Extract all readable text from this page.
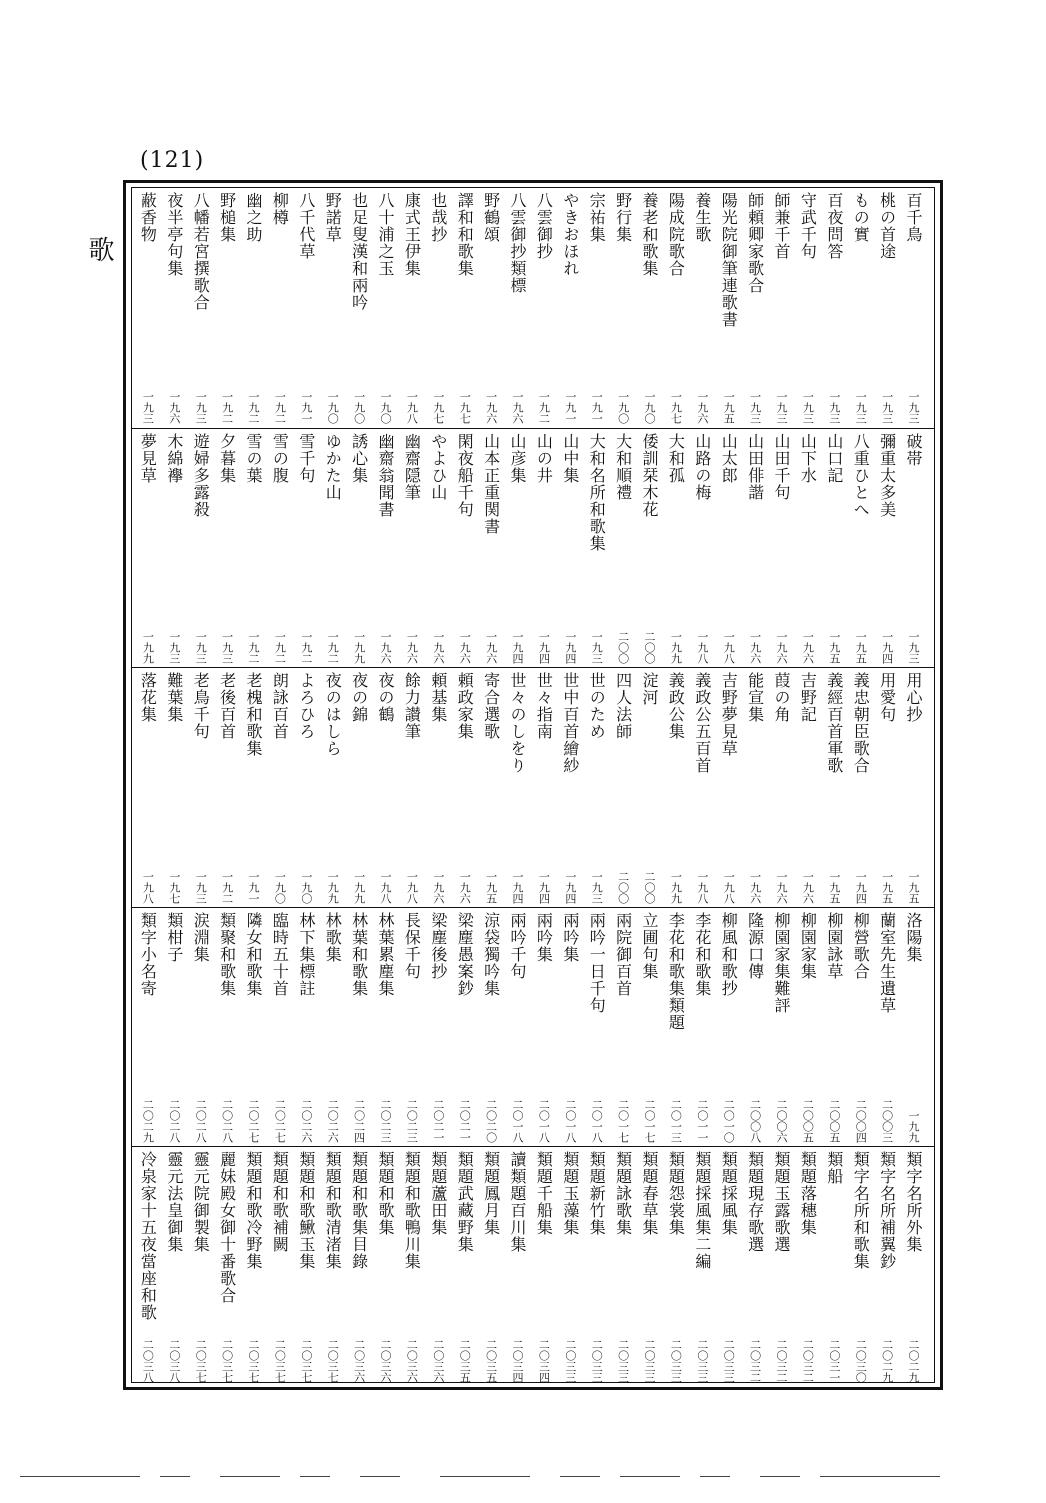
(121)
歌
百千鳥
一九三
桃の首途
一九三
もの實
一九三
百夜問答
一九三
守武千句
一九三
師兼千首
一九三
師頼卿家歌合
一九三
陽光院御筆連歌書
一九五
養生歌
一九六
陽成院歌合
一九七
養老和歌集
一九〇
野行集
一九〇
宗祐集
一九一
やきおほれ
一九一
八雲御抄
一九二
八雲御抄類標
一九六
野鶴頌
一九六
譯和和歌集
一九七
也哉抄
一九七
康式王伊集
一九八
八十浦之玉
一九〇
也足叟漢和兩吟
一九〇
野諾草
一九〇
八千代草
一九一
柳樽
一九二
幽之助
一九二
野槌集
一九二
八幡若宮撰歌合
一九三
夜半亭句集
一九六
蔽香物
一九三
破帯
一九三
彌重太多美
一九四
八重ひとへ
一九五
山口記
一九五
山下水
一九六
山田千句
一九六
山田俳諧
一九六
山太郎
一九八
山路の梅
一九八
大和孤
一九九
倭訓栞木花
二〇〇
大和順禮
二〇〇
大和名所和歌集
一九三
山中集
一九四
山の井
一九四
山彦集
一九四
山本正重関書
一九六
閑夜船千句
一九六
やよひ山
一九六
幽齋隠筆
一九六
幽齋翁聞書
一九六
誘心集
一九九
ゆかた山
一九二
雪千句
一九二
雪の腹
一九二
雪の葉
一九二
夕暮集
一九三
遊婦多露殺
一九三
木綿襷
一九三
夢見草
一九九
用心抄
一九五
用愛句
一九五
義忠朝臣歌合
一九四
義經百首軍歌
一九五
吉野記
一九六
葭の角
一九六
能宣集
一九六
吉野夢見草
一九八
義政公五百首
一九八
義政公集
一九九
淀河
二〇〇
四人法師
二〇〇
世のため
一九三
世中百首繪紗
一九四
世々指南
一九四
世々のしをり
一九四
寄合選歌
一九五
頼政家集
一九六
頼基集
一九六
餘力讃筆
一九八
夜の鶴
一九八
夜の錦
一九九
夜のはしら
一九九
よろひろ
一九〇
朗詠百首
一九〇
老槐和歌集
一九一
老後百首
一九二
老鳥千句
一九三
難葉集
一九七
落花集
一九八
洛陽集
一九九
蘭室先生遺草
二〇〇三
柳營歌合
二〇〇四
柳園詠草
二〇〇五
柳園家集
二〇〇五
柳園家集難評
二〇〇六
隆源口傳
二〇〇八
柳風和歌抄
二〇一〇
李花和歌集
二〇一一
李花和歌集類題
二〇一三
立圃句集
二〇一七
兩院御百首
二〇一七
兩吟一日千句
二〇一八
兩吟集
二〇一八
兩吟集
二〇一八
兩吟千句
二〇一八
涼袋獨吟集
二〇二〇
梁塵愚案鈔
二〇二一
梁塵後抄
二〇二一
長保千句
二〇二三
林葉累塵集
二〇二三
林葉和歌集
二〇二四
林歌集
二〇二六
林下集標註
二〇二六
臨時五十首
二〇二七
隣女和歌集
二〇二七
類聚和歌集
二〇二八
涙淵集
二〇二八
類柑子
二〇二八
類字小名寄
二〇二九
類字名所外集
二〇二九
類字名所補翼鈔
二〇二九
類字名所和歌集
二〇三〇
類船
二〇三一
類題落穗集
二〇三二
類題玉露歌選
二〇三二
類題現存歌選
二〇三二
類題採風集
二〇三三
類題採風集二編
二〇三三
類題怨裳集
二〇三三
類題春草集
二〇三三
類題詠歌集
二〇三三
類題新竹集
二〇三三
類題玉藻集
二〇三三
類題千船集
二〇三四
讀類題百川集
二〇三四
類題鳳月集
二〇三五
類題武藏野集
二〇三五
類題蘆田集
二〇三六
類題和歌鴨川集
二〇三六
類題和歌集
二〇三六
類題和歌集目錄
二〇三六
類題和歌清渚集
二〇三七
類題和歌鰍玉集
二〇三七
類題和歌補闕
二〇三七
類題和歌冷野集
二〇三七
麗妹殿女御十番歌合
二〇三七
靈元院御製集
二〇三七
靈元法皇御集
二〇三八
冷泉家十五夜當座和歌
二〇三八
